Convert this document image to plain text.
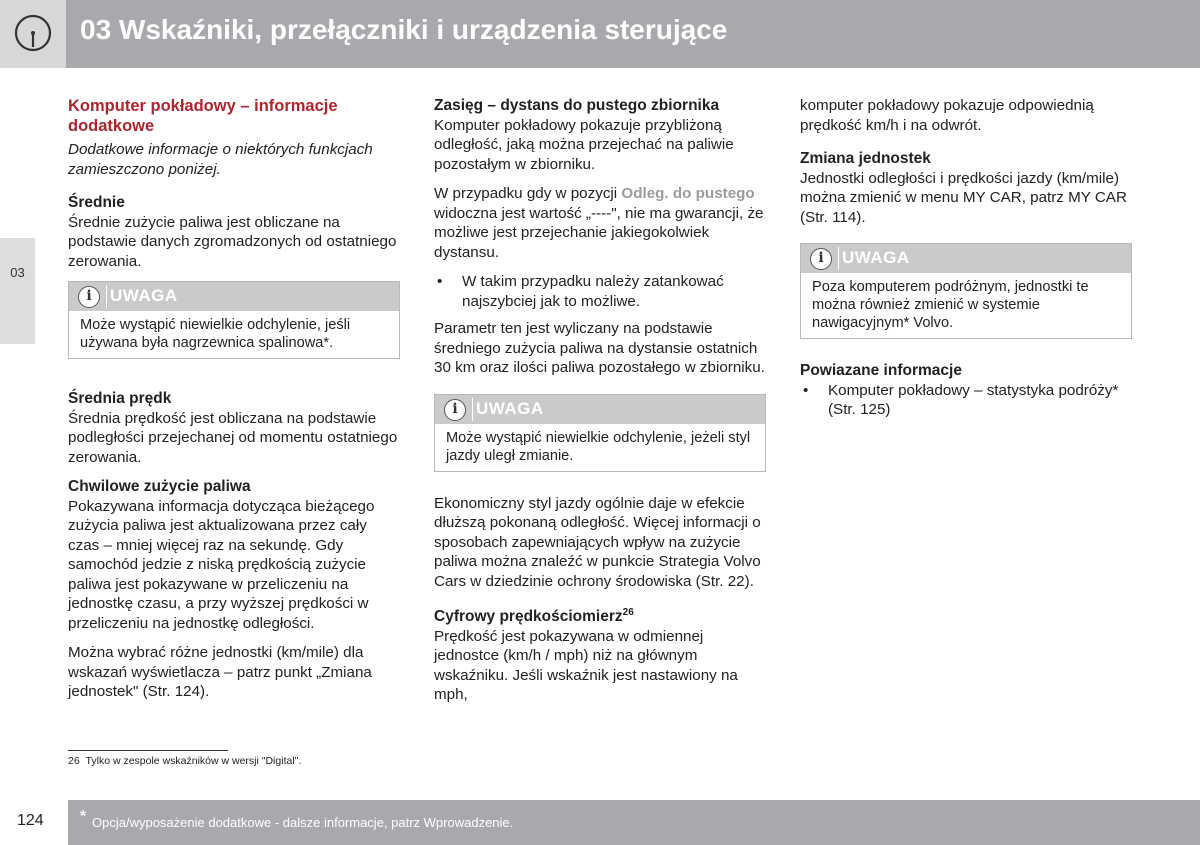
03 Wskaźniki, przełączniki i urządzenia sterujące
03
Komputer pokładowy – informacje dodatkowe

Dodatkowe informacje o niektórych funkcjach zamieszczono poniżej.

Średnie

Średnie zużycie paliwa jest obliczane na podstawie danych zgromadzonych od ostatniego zerowania.

i	UWAGA
Może wystąpić niewielkie odchylenie, jeśli używana była nagrzewnica spalinowa*.
Średnia prędk

Średnia prędkość jest obliczana na podstawie podległości przejechanej od momentu ostatniego zerowania.

Chwilowe zużycie paliwa

Pokazywana informacja dotycząca bieżącego zużycia paliwa jest aktualizowana przez cały czas – mniej więcej raz na sekundę. Gdy samochód jedzie z niską prędkością zużycie paliwa jest pokazywane w przeliczeniu na jednostkę czasu, a przy wyższej prędkości w przeliczeniu na jednostkę odległości.

Można wybrać różne jednostki (km/mile) dla wskazań wyświetlacza – patrz punkt „Zmiana jednostek" (Str. 124).

Zasięg – dystans do pustego zbiornika

Komputer pokładowy pokazuje przybliżoną odległość, jaką można przejechać na paliwie pozostałym w zbiorniku.

W przypadku gdy w pozycji Odleg. do pustego widoczna jest wartość „----", nie ma gwarancji, że możliwe jest przejechanie jakiegokolwiek dystansu.

• W takim przypadku należy zatankować najszybciej jak to możliwe.

Parametr ten jest wyliczany na podstawie średniego zużycia paliwa na dystansie ostatnich 30 km oraz ilości paliwa pozostałego w zbiorniku.

i	UWAGA
Może wystąpić niewielkie odchylenie, jeżeli styl jazdy uległ zmianie.

Ekonomiczny styl jazdy ogólnie daje w efekcie dłuższą pokonaną odległość. Więcej informacji o sposobach zapewniających wpływ na zużycie paliwa można znaleźć w punkcie Strategia Volvo Cars w dziedzinie ochrony środowiska (Str. 22).

Cyfrowy prędkościomierz$^{26}$

Prędkość jest pokazywana w odmiennej jednostce (km/h / mph) niż na głównym wskaźniku. Jeśli wskaźnik jest nastawiony na mph,

komputer pokładowy pokazuje odpowiednią prędkość km/h i na odwrót.

Zmiana jednostek

Jednostki odległości i prędkości jazdy (km/mile) można zmienić w menu MY CAR, patrz MY CAR (Str. 114).

i	UWAGA
Poza komputerem podróżnym, jednostki te można również zmienić w systemie nawigacyjnym* Volvo.
Powiazane informacje
• Komputer pokładowy – statystyka podróży* (Str. 125)
26 Tylko w zespole wskaźników w wersji "Digital".
124 * Opcja/wyposażenie dodatkowe - dalsze informacje, patrz Wprowadzenie.
